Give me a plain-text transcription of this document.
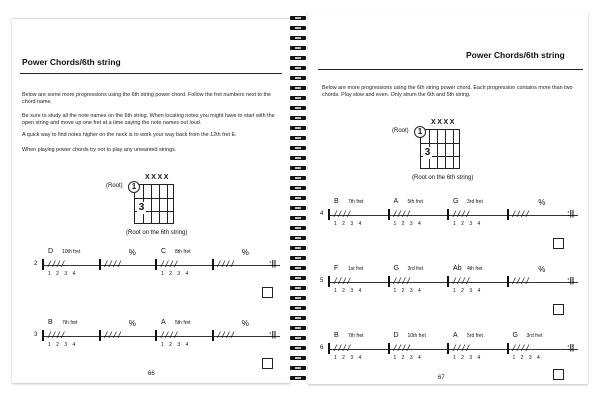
Power Chords/6th string
Below are some more progressions using the 6th string power chord. Follow the fret numbers next to the chord name.
Be sure to study all the note names on the 6th string. When locating notes you might have to start with the open string and move up one fret at a time saying the note names out loud.
A quick way to find notes higher on the neck is to work your way back from the 12th fret E.
When playing power chords try not to play any unwanted strings.
(Root)
XXXX
1
3
(Root on the 6th string)
2
D 10th fret
////
1 2 3 4
%
////
C 8th fret
////
1 2 3 4
%
////	:||
3
B 7th fret
////
1 2 3 4
%
////
A 5th fret
////
1 2 3 4
%
////	:||
66
Power Chords/6th string
Below are more progressions using the 6th string power chord. Each progression contains more than two chords. Play slow and even. Only strum the 6th and 5th string.
(Root)
XXXX
1
3
(Root on the 6th string)
4
B 7th fret
////
1 2 3 4
A 5th fret
////
1 2 3 4
G 3rd fret
////
1 2 3 4
%
////	:||
5
F 1st fret
////
1 2 3 4
G 3rd fret
////
1 2 3 4
Ab 4th fret
////
1 2 3 4
%
////	:||
6
B 7th fret
////
1 2 3 4
D 10th fret
////
1 2 3 4
A 5rd fret
////
1 2 3 4
G 3rd fret
////
1 2 3 4
:||
67
